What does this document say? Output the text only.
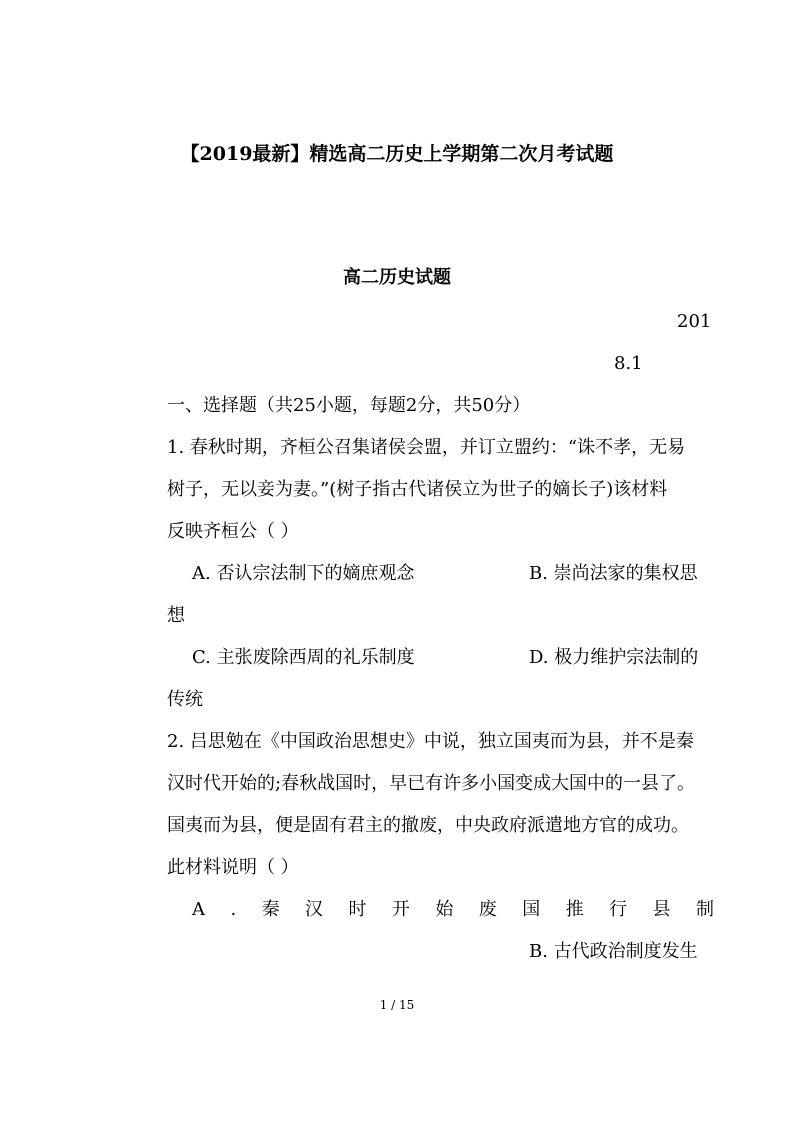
【2019最新】精选高二历史上学期第二次月考试题
高二历史试题
201
8.1
一、选择题（共25小题，每题2分，共50分）
1. 春秋时期，齐桓公召集诸侯会盟，并订立盟约：“诛不孝，无易
树子，无以妾为妻。”(树子指古代诸侯立为世子的嫡长子)该材料
反映齐桓公（ ）
A. 否认宗法制下的嫡庶观念	B. 崇尚法家的集权思
想
C. 主张废除西周的礼乐制度	D. 极力维护宗法制的
传统
2. 吕思勉在《中国政治思想史》中说，独立国夷而为县，并不是秦
汉时代开始的;春秋战国时，早已有许多小国变成大国中的一县了。
国夷而为县，便是固有君主的撤废，中央政府派遣地方官的成功。
此材料说明（ ）
A . 秦 汉 时 开 始 废 国 推 行 县 制
B. 古代政治制度发生
1 / 15
